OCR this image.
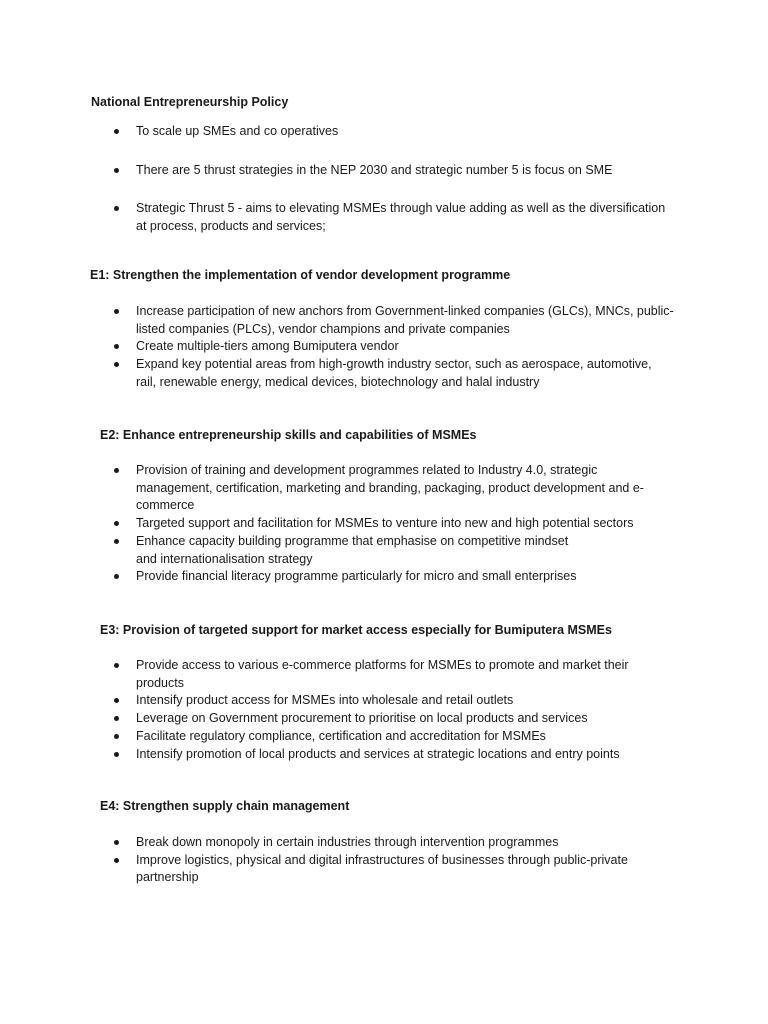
National Entrepreneurship Policy
To scale up SMEs and co operatives
There are 5 thrust strategies in the NEP 2030 and strategic number 5 is focus on SME
Strategic Thrust 5 - aims to elevating MSMEs through value adding as well as the diversification
at process, products and services;
E1: Strengthen the implementation of vendor development programme
Increase participation of new anchors from Government-linked companies (GLCs), MNCs, public-
listed companies (PLCs), vendor champions and private companies
Create multiple-tiers among Bumiputera vendor
Expand key potential areas from high-growth industry sector, such as aerospace, automotive,
rail, renewable energy, medical devices, biotechnology and halal industry
E2: Enhance entrepreneurship skills and capabilities of MSMEs
Provision of training and development programmes related to Industry 4.0, strategic
management, certification, marketing and branding, packaging, product development and e-
commerce
Targeted support and facilitation for MSMEs to venture into new and high potential sectors
Enhance capacity building programme that emphasise on competitive mindset
and internationalisation strategy
Provide financial literacy programme particularly for micro and small enterprises
E3: Provision of targeted support for market access especially for Bumiputera MSMEs
Provide access to various e-commerce platforms for MSMEs to promote and market their
products
Intensify product access for MSMEs into wholesale and retail outlets
Leverage on Government procurement to prioritise on local products and services
Facilitate regulatory compliance, certification and accreditation for MSMEs
Intensify promotion of local products and services at strategic locations and entry points
E4: Strengthen supply chain management
Break down monopoly in certain industries through intervention programmes
Improve logistics, physical and digital infrastructures of businesses through public-private
partnership
